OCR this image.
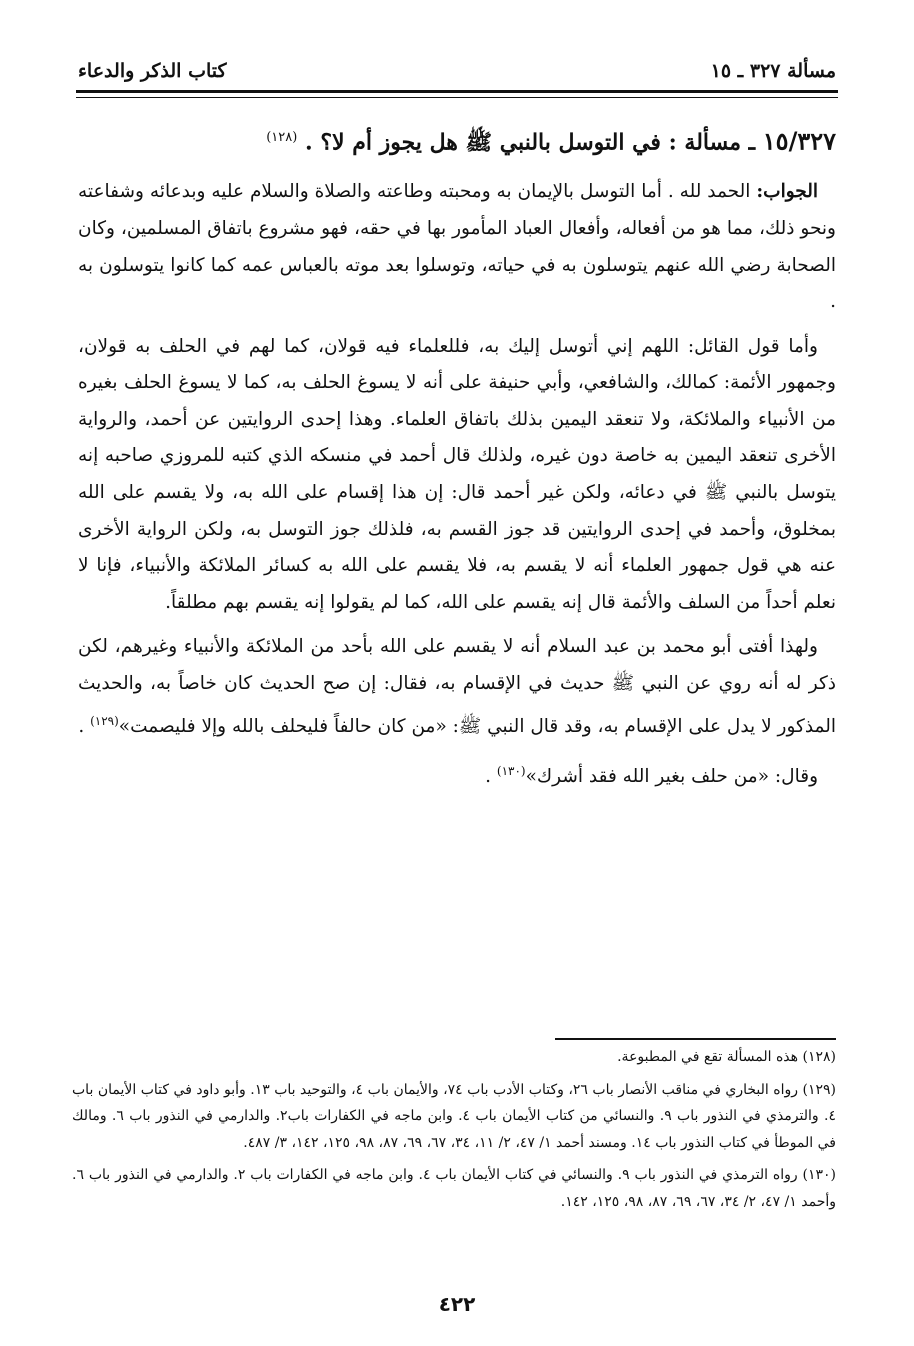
كتاب الذكر والدعاء	مسألة ٣٢٧ ـ ١٥
١٥/٣٢٧ ـ مسألة : في التوسل بالنبي ﷺ هل يجوز أم لا؟ . $^{(١٢٨)}$

الجواب: الحمد لله . أما التوسل بالإيمان به ومحبته وطاعته والصلاة والسلام عليه وبدعائه وشفاعته ونحو ذلك، مما هو من أفعاله، وأفعال العباد المأمور بها في حقه، فهو مشروع باتفاق المسلمين، وكان الصحابة رضي الله عنهم يتوسلون به في حياته، وتوسلوا بعد موته بالعباس عمه كما كانوا يتوسلون به .

وأما قول القائل: اللهم إني أتوسل إليك به، فللعلماء فيه قولان، كما لهم في الحلف به قولان، وجمهور الأئمة: كمالك، والشافعي، وأبي حنيفة على أنه لا يسوغ الحلف به، كما لا يسوغ الحلف بغيره من الأنبياء والملائكة، ولا تنعقد اليمين بذلك باتفاق العلماء. وهذا إحدى الروايتين عن أحمد، والرواية الأخرى تنعقد اليمين به خاصة دون غيره، ولذلك قال أحمد في منسكه الذي كتبه للمروزي صاحبه إنه يتوسل بالنبي ﷺ في دعائه، ولكن غير أحمد قال: إن هذا إقسام على الله به، ولا يقسم على الله بمخلوق، وأحمد في إحدى الروايتين قد جوز القسم به، فلذلك جوز التوسل به، ولكن الرواية الأخرى عنه هي قول جمهور العلماء أنه لا يقسم به، فلا يقسم على الله به كسائر الملائكة والأنبياء، فإنا لا نعلم أحداً من السلف والأئمة قال إنه يقسم على الله، كما لم يقولوا إنه يقسم بهم مطلقاً.

ولهذا أفتى أبو محمد بن عبد السلام أنه لا يقسم على الله بأحد من الملائكة والأنبياء وغيرهم، لكن ذكر له أنه روي عن النبي ﷺ حديث في الإقسام به، فقال: إن صح الحديث كان خاصاً به، والحديث المذكور لا يدل على الإقسام به، وقد قال النبي ﷺ: «من كان حالفاً فليحلف بالله وإلا فليصمت»$^{(١٢٩)}$ .

وقال: «من حلف بغير الله فقد أشرك»$^{(١٣٠)}$ .

(١٢٨) هذه المسألة تقع في المطبوعة.

(١٢٩) رواه البخاري في مناقب الأنصار باب ٢٦، وكتاب الأدب باب ٧٤، والأيمان باب ٤، والتوحيد باب ١٣. وأبو داود في كتاب الأيمان باب ٤. والترمذي في النذور باب ٩. والنسائي من كتاب الأيمان باب ٤. وابن ماجه في الكفارات باب٢. والدارمي في النذور باب ٦. ومالك في الموطأ في كتاب النذور باب ١٤. ومسند أحمد ١/ ٤٧، ٢/ ١١، ٣٤، ٦٧، ٦٩، ٨٧، ٩٨، ١٢٥، ١٤٢، ٣/ ٤٨٧.

(١٣٠) رواه الترمذي في النذور باب ٩. والنسائي في كتاب الأيمان باب ٤. وابن ماجه في الكفارات باب ٢. والدارمي في النذور باب ٦. وأحمد ١/ ٤٧، ٢/ ٣٤، ٦٧، ٦٩، ٨٧، ٩٨، ١٢٥، ١٤٢.

٤٢٢
